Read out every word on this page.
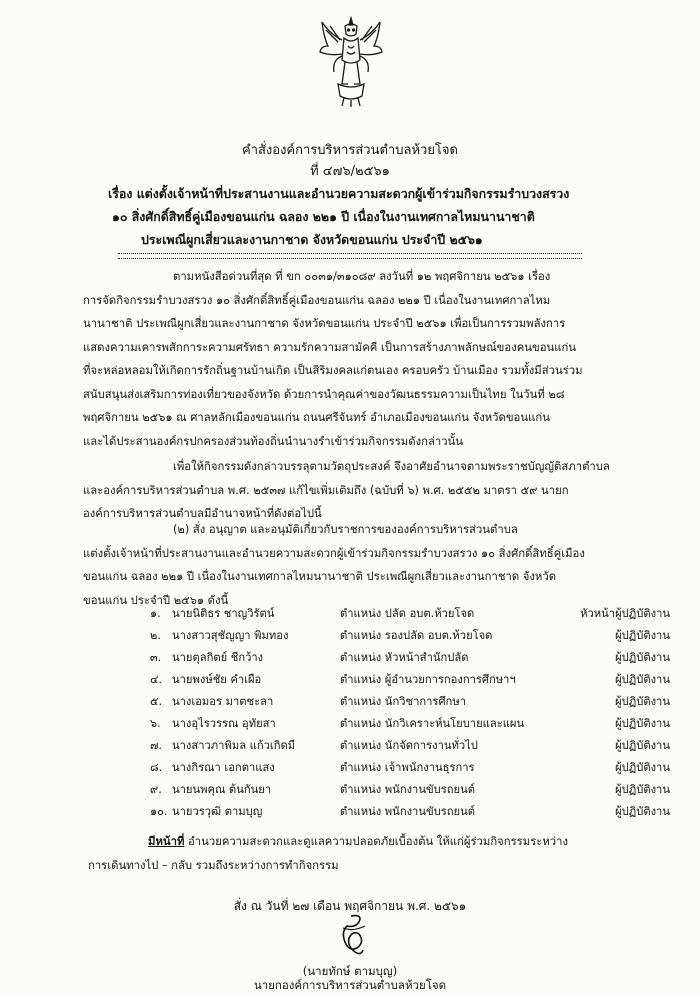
คำสั่งองค์การบริหารส่วนตำบลห้วยโจด
ที่ ๔๗๖/๒๕๖๑
เรื่อง แต่งตั้งเจ้าหน้าที่ประสานงานและอำนวยความสะดวกผู้เข้าร่วมกิจกรรมรำบวงสรวง
๑๐ สิ่งศักดิ์สิทธิ์คู่เมืองขอนแก่น ฉลอง ๒๒๑ ปี เนื่องในงานเทศกาลไหมนานาชาติ
ประเพณีผูกเสี่ยวและงานกาชาด จังหวัดขอนแก่น ประจำปี ๒๕๖๑
ตามหนังสือด่วนที่สุด ที่ ขก ๐๐๓๑/๓๑๐๘๙ ลงวันที่ ๑๒ พฤศจิกายน ๒๕๖๑ เรื่อง
การจัดกิจกรรมรำบวงสรวง ๑๐ สิ่งศักดิ์สิทธิ์คู่เมืองขอนแก่น ฉลอง ๒๒๑ ปี เนื่องในงานเทศกาลไหม
นานาชาติ ประเพณีผูกเสี่ยวและงานกาชาด จังหวัดขอนแก่น ประจำปี ๒๕๖๑ เพื่อเป็นการรวมพลังการ
แสดงความเคารพสักการะความศรัทธา ความรักความสามัคคี เป็นการสร้างภาพลักษณ์ของคนขอนแก่น
ที่จะหล่อหลอมให้เกิดการรักถิ่นฐานบ้านเกิด เป็นสิริมงคลแก่ตนเอง ครอบครัว บ้านเมือง รวมทั้งมีส่วนร่วม
สนับสนุนส่งเสริมการท่องเที่ยวของจังหวัด ด้วยการนำคุณค่าของวัฒนธรรมความเป็นไทย ในวันที่ ๒๘
พฤศจิกายน ๒๕๖๑ ณ ศาลหลักเมืองขอนแก่น ถนนศรีจันทร์ อำเภอเมืองขอนแก่น จังหวัดขอนแก่น
และได้ประสานองค์กรปกครองส่วนท้องถิ่นนำนางรำเข้าร่วมกิจกรรมดังกล่าวนั้น
เพื่อให้กิจกรรมดังกล่าวบรรลุตามวัตถุประสงค์ จึงอาศัยอำนาจตามพระราชบัญญัติสภาตำบล
และองค์การบริหารส่วนตำบล พ.ศ. ๒๕๓๗ แก้ไขเพิ่มเติมถึง (ฉบับที่ ๖) พ.ศ. ๒๕๕๒ มาตรา ๕๙ นายก
องค์การบริหารส่วนตำบลมีอำนาจหน้าที่ดังต่อไปนี้
(๒) สั่ง อนุญาต และอนุมัติเกี่ยวกับราชการขององค์การบริหารส่วนตำบล
แต่งตั้งเจ้าหน้าที่ประสานงานและอำนวยความสะดวกผู้เข้าร่วมกิจกรรมรำบวงสรวง ๑๐ สิ่งศักดิ์สิทธิ์คู่เมือง
ขอนแก่น ฉลอง ๒๒๑ ปี เนื่องในงานเทศกาลไหมนานาชาติ ประเพณีผูกเสี่ยวและงานกาชาด จังหวัด
ขอนแก่น ประจำปี ๒๕๖๑ ดังนี้
๑. นายนิติธร ชาญวิรัตน์	ตำแหน่ง ปลัด อบต.ห้วยโจด	หัวหน้าผู้ปฏิบัติงาน
๒. นางสาวสุชัญญา พิมทอง	ตำแหน่ง รองปลัด อบต.ห้วยโจด	ผู้ปฏิบัติงาน
๓. นายตุลกิตย์ ชีกว้าง	ตำแหน่ง หัวหน้าสำนักปลัด	ผู้ปฏิบัติงาน
๔. นายพงษ์ชัย คำเผือ	ตำแหน่ง ผู้อำนวยการกองการศึกษาฯ	ผู้ปฏิบัติงาน
๕. นางเอมอร มาตชะลา	ตำแหน่ง นักวิชาการศึกษา	ผู้ปฏิบัติงาน
๖. นางอุไรวรรณ อุทัยสา	ตำแหน่ง นักวิเคราะห์นโยบายและแผน	ผู้ปฏิบัติงาน
๗. นางสาวภาพิมล แก้วเกิดมี	ตำแหน่ง นักจัดการงานทั่วไป	ผู้ปฏิบัติงาน
๘. นางกิรณา เอกตาแสง	ตำแหน่ง เจ้าพนักงานธุรการ	ผู้ปฏิบัติงาน
๙. นายนพคุณ ต้นกันยา	ตำแหน่ง พนักงานขับรถยนต์	ผู้ปฏิบัติงาน
๑๐. นายวรวุฒิ ตามบุญ	ตำแหน่ง พนักงานขับรถยนต์	ผู้ปฏิบัติงาน
มีหน้าที่ อำนวยความสะดวกและดูแลความปลอดภัยเบื้องต้น ให้แก่ผู้ร่วมกิจกรรมระหว่าง
การเดินทางไป – กลับ รวมถึงระหว่างการทำกิจกรรม
สั่ง ณ วันที่ ๒๗ เดือน พฤศจิกายน พ.ศ. ๒๕๖๑
(นายทักษ์ ตามบุญ)
นายกองค์การบริหารส่วนตำบลห้วยโจด
